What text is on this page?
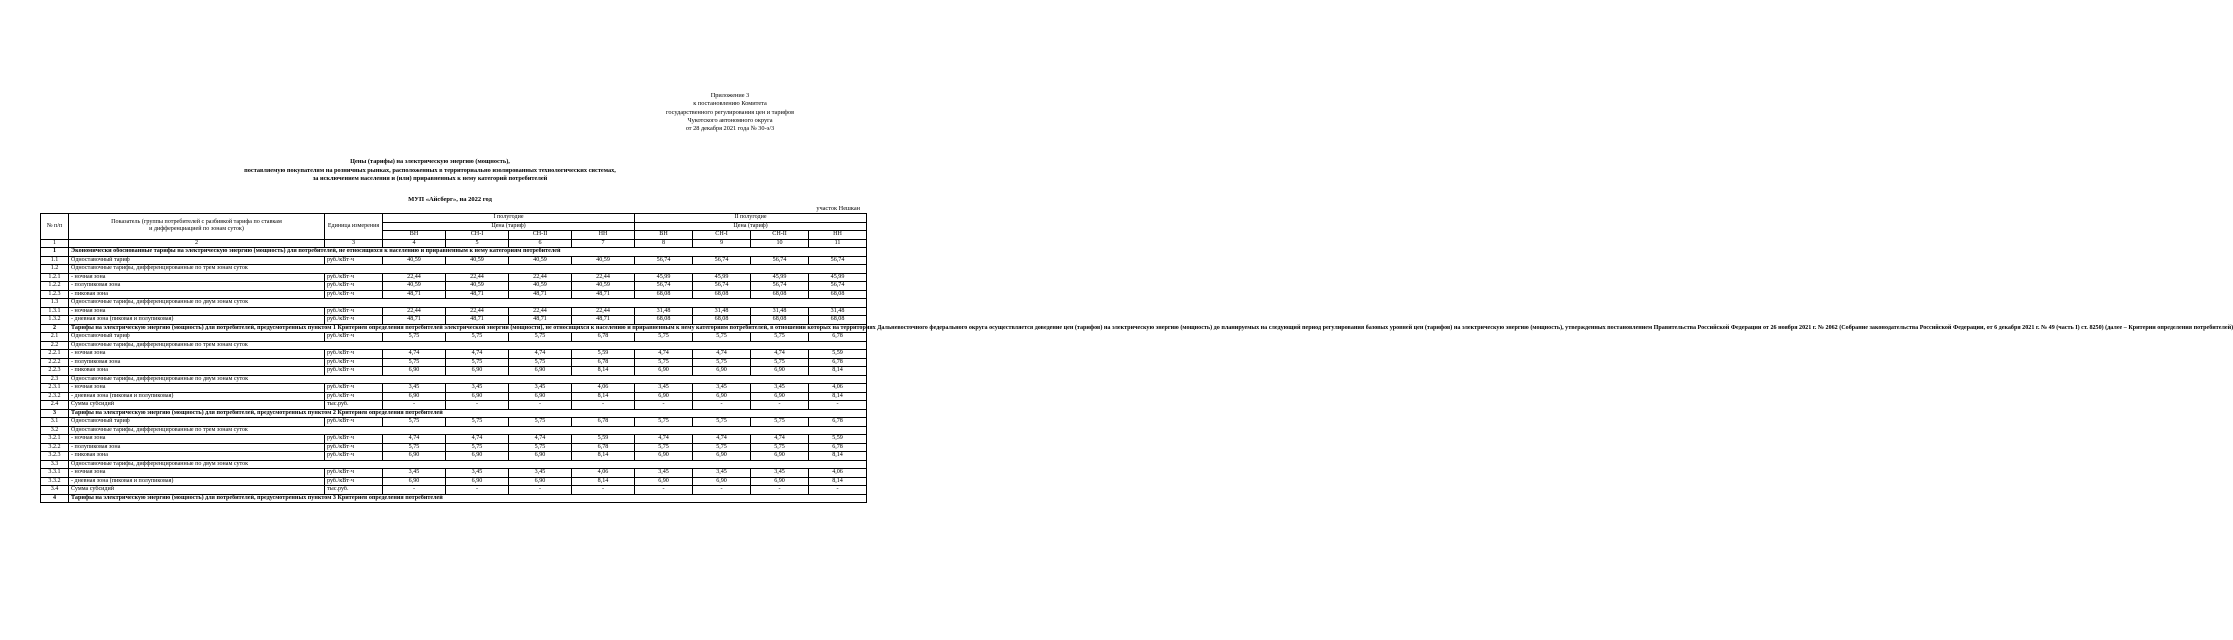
Приложение 3
к постановлению Комитета
государственного регулирования цен и тарифов
Чукотского автономного округа
от 28 декабря 2021 года № 30-э/3
Цены (тарифы) на электрическую энергию (мощность),
поставляемую покупателям на розничных рынках, расположенных в территориально изолированных технологических системах,
за исключением населения и (или) приравненных к нему категорий потребителей
МУП «Айсберг», на 2022 год
участок Нешкан
№ п/п	Показатель (группы потребителей с разбивкой тарифа по ставкам и дифференциацией по зонам суток)	Единица измерения	I полугодие				II полугодие			
			Цена (тариф)				Цена (тариф)			
			ВН	СН-I	СН-II	НН	ВН	СН-I	СН-II	НН
1	2	3	4	5	6	7	8	9	10	11
1	Экономически обоснованные тарифы на электрическую энергию (мощность) для потребителей, не относящихся к населению и приравненным к нему категориям потребителей									
1.1	Одноставочный тариф	руб./кВт·ч	40,59	40,59	40,59	40,59	56,74	56,74	56,74	56,74
1.2	Одноставочные тарифы, дифференцированные по трем зонам суток									
1.2.1	- ночная зона	руб./кВт·ч	22,44	22,44	22,44	22,44	45,99	45,99	45,99	45,99
1.2.2	- полупиковая зона	руб./кВт·ч	40,59	40,59	40,59	40,59	56,74	56,74	56,74	56,74
1.2.3	- пиковая зона	руб./кВт·ч	48,71	48,71	48,71	48,71	68,08	68,08	68,08	68,08
1.3	Одноставочные тарифы, дифференцированные по двум зонам суток									
1.3.1	- ночная зона	руб./кВт·ч	22,44	22,44	22,44	22,44	31,48	31,48	31,48	31,48
1.3.2	- дневная зона (пиковая и полупиковая)	руб./кВт·ч	48,71	48,71	48,71	48,71	68,08	68,08	68,08	68,08
2	Тарифы на электрическую энергию (мощность) для потребителей, предусмотренных пунктом 1 Критериев определения потребителей электрической энергии (мощности), не относящихся к населению и приравненным к нему категориям потребителей, в отношении которых на территориях Дальневосточного федерального округа осуществляется доведение цен (тарифов) на электрическую энергию (мощность) до планируемых на следующий период регулирования базовых уровней цен (тарифов) на электрическую энергию (мощность), утвержденных постановлением Правительства Российской Федерации от 26 ноября 2021 г. № 2062 (Собрание законодательства Российской Федерации, от 6 декабря 2021 г. № 49 (часть I) ст. 8250) (далее – Критерии определения потребителей)									
2.1	Одноставочный тариф	руб./кВт·ч	5,75	5,75	5,75	6,78	5,75	5,75	5,75	6,78
2.2	Одноставочные тарифы, дифференцированные по трем зонам суток									
2.2.1	- ночная зона	руб./кВт·ч	4,74	4,74	4,74	5,59	4,74	4,74	4,74	5,59
2.2.2	- полупиковая зона	руб./кВт·ч	5,75	5,75	5,75	6,78	5,75	5,75	5,75	6,78
2.2.3	- пиковая зона	руб./кВт·ч	6,90	6,90	6,90	8,14	6,90	6,90	6,90	8,14
2.3	Одноставочные тарифы, дифференцированные по двум зонам суток									
2.3.1	- ночная зона	руб./кВт·ч	3,45	3,45	3,45	4,06	3,45	3,45	3,45	4,06
2.3.2	- дневная зона (пиковая и полупиковая)	руб./кВт·ч	6,90	6,90	6,90	8,14	6,90	6,90	6,90	8,14
2.4	Сумма субсидий	тыс.руб.	-	-	-	-	-	-	-	-
3	Тарифы на электрическую энергию (мощность) для потребителей, предусмотренных пунктом 2 Критериев определения потребителей									
3.1	Одноставочный тариф	руб./кВт·ч	5,75	5,75	5,75	6,78	5,75	5,75	5,75	6,78
3.2	Одноставочные тарифы, дифференцированные по трем зонам суток									
3.2.1	- ночная зона	руб./кВт·ч	4,74	4,74	4,74	5,59	4,74	4,74	4,74	5,59
3.2.2	- полупиковая зона	руб./кВт·ч	5,75	5,75	5,75	6,78	5,75	5,75	5,75	6,78
3.2.3	- пиковая зона	руб./кВт·ч	6,90	6,90	6,90	8,14	6,90	6,90	6,90	8,14
3.3	Одноставочные тарифы, дифференцированные по двум зонам суток									
3.3.1	- ночная зона	руб./кВт·ч	3,45	3,45	3,45	4,06	3,45	3,45	3,45	4,06
3.3.2	- дневная зона (пиковая и полупиковая)	руб./кВт·ч	6,90	6,90	6,90	8,14	6,90	6,90	6,90	8,14
3.4	Сумма субсидий	тыс.руб.	-	-	-	-	-	-	-	-
4	Тарифы на электрическую энергию (мощность) для потребителей, предусмотренных пунктом 3 Критериев определения потребителей									
